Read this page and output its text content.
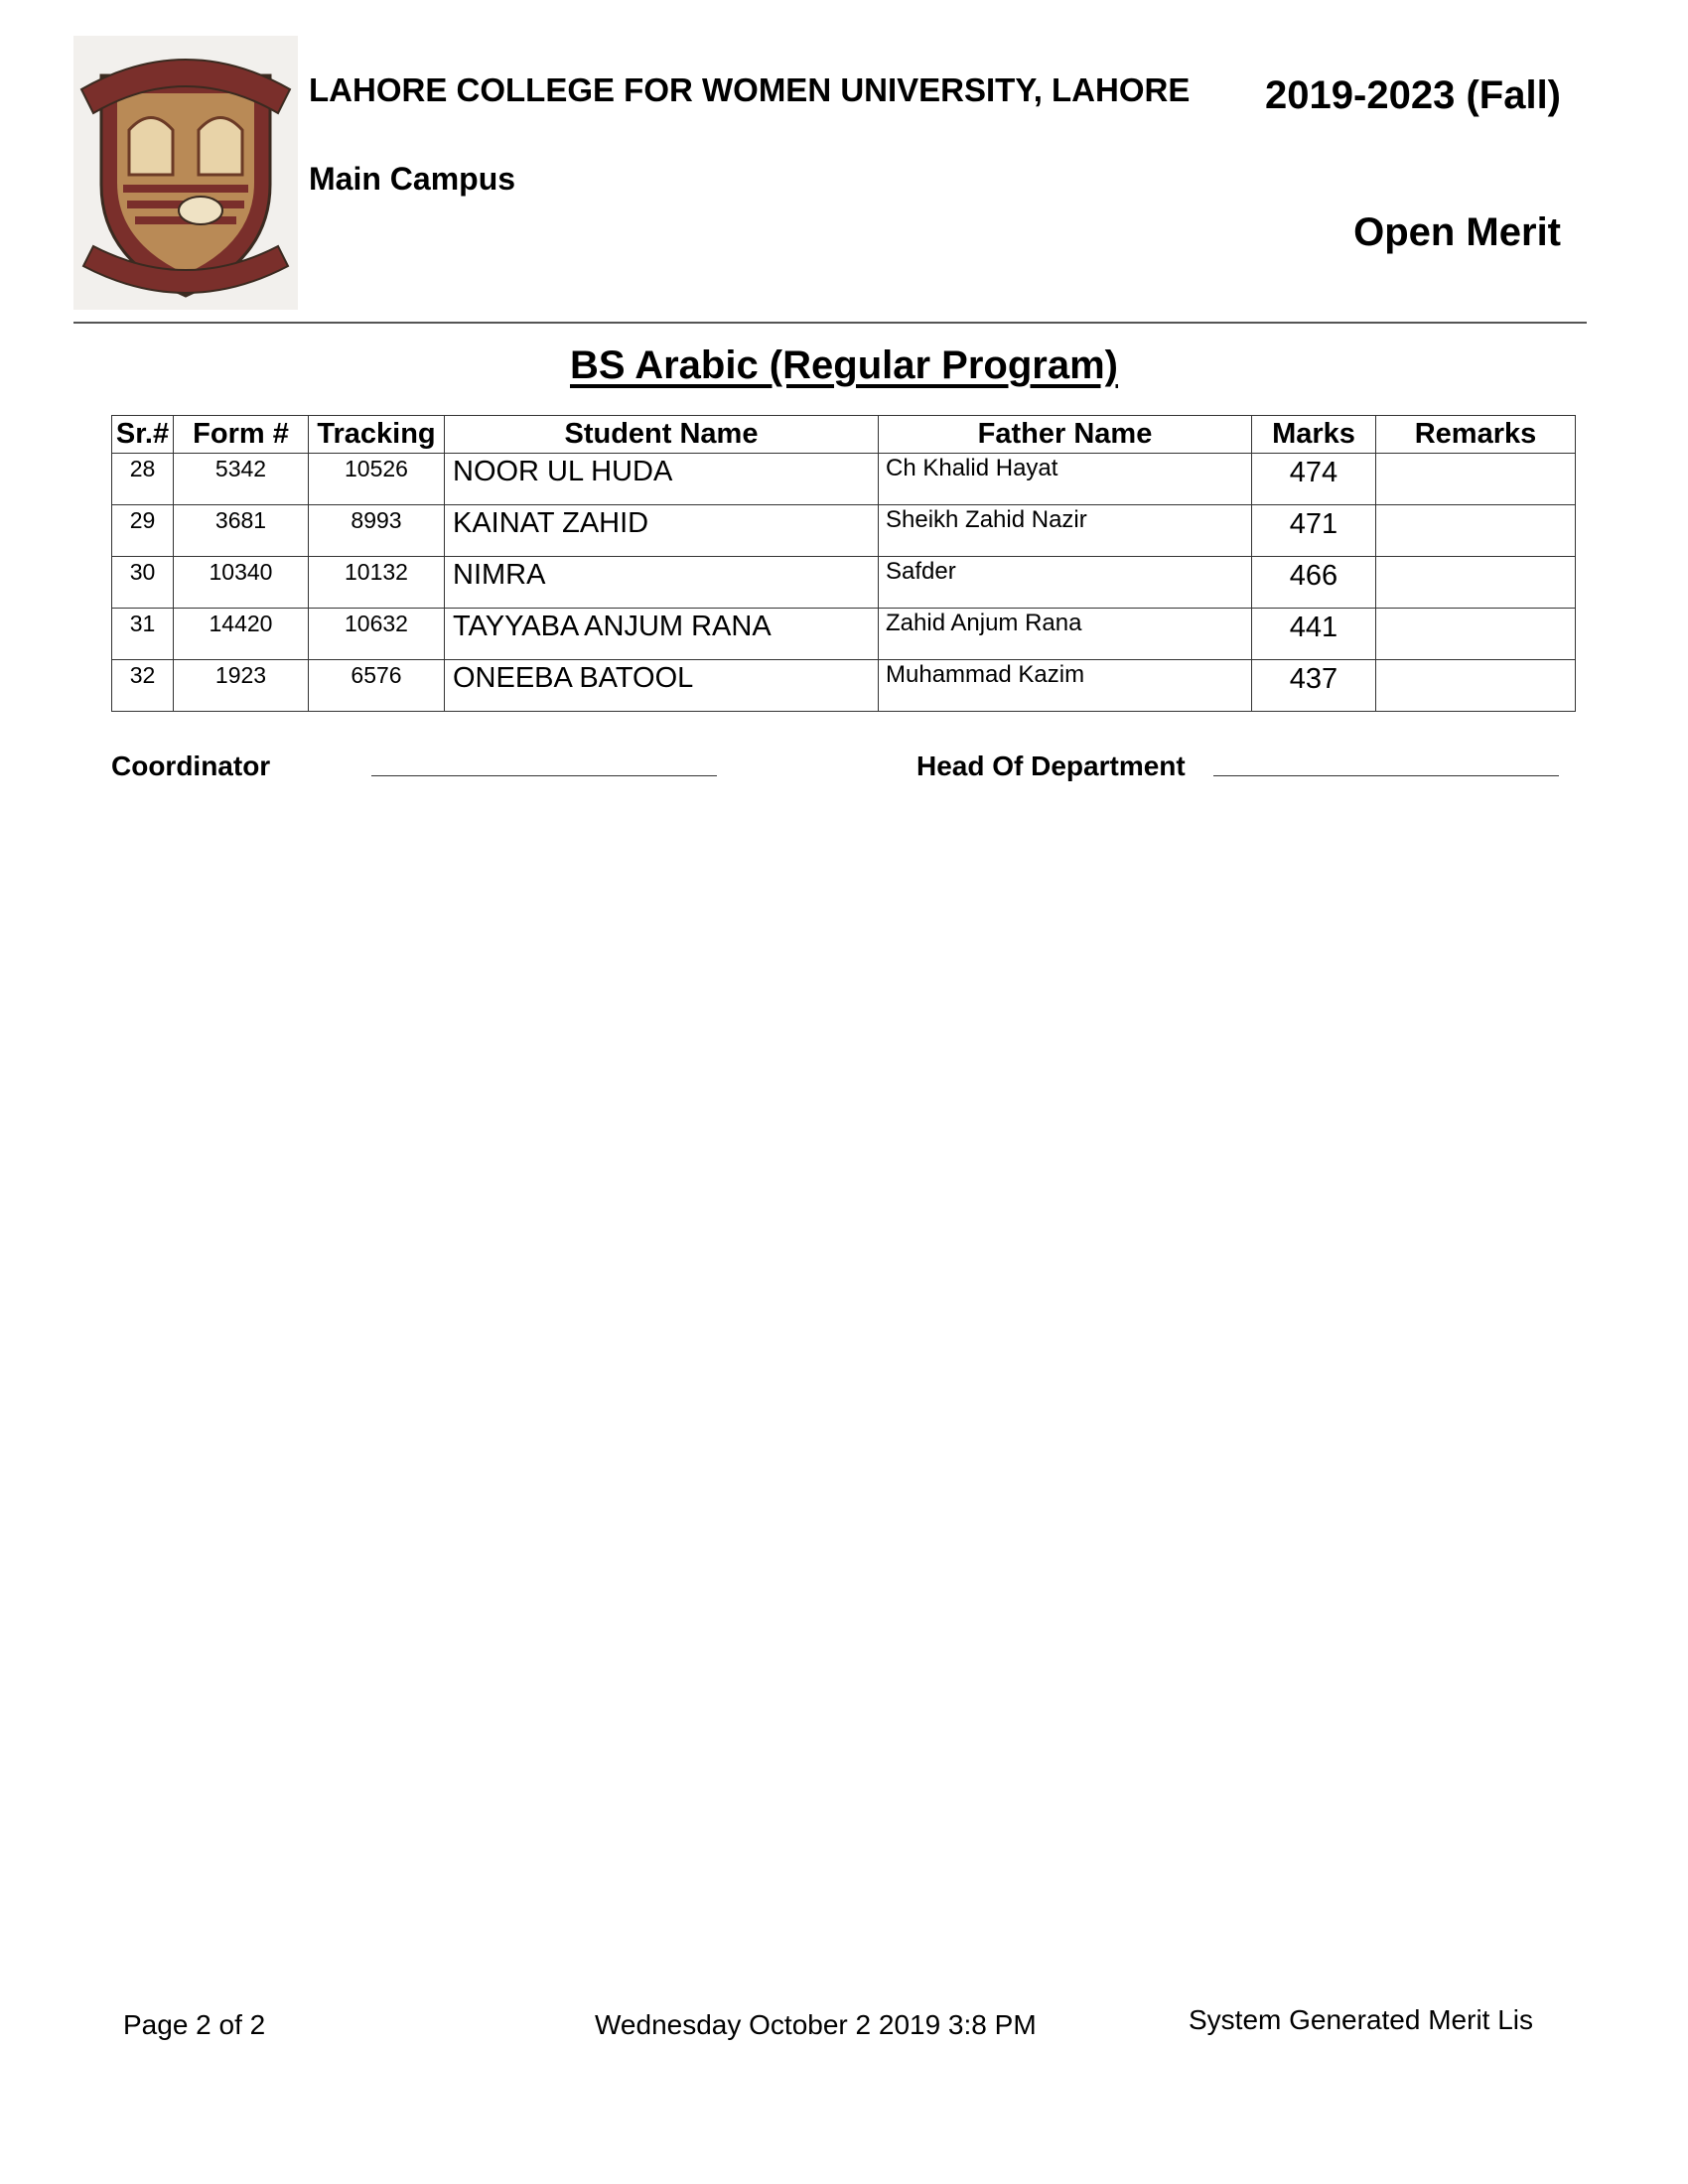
LAHORE COLLEGE FOR WOMEN UNIVERSITY, LAHORE
Main Campus
2019-2023 (Fall)
Open Merit
BS Arabic (Regular Program)
Sr.#	Form #	Tracking	Student Name	Father Name	Marks	Remarks
28	5342	10526	NOOR UL HUDA	Ch Khalid Hayat	474	
29	3681	8993	KAINAT ZAHID	Sheikh Zahid Nazir	471	
30	10340	10132	NIMRA	Safder	466	
31	14420	10632	TAYYABA ANJUM RANA	Zahid Anjum Rana	441	
32	1923	6576	ONEEBA BATOOL	Muhammad Kazim	437	
Coordinator	Head Of Department
Page 2 of 2	Wednesday October 2 2019 3:8 PM	System Generated Merit Lis
